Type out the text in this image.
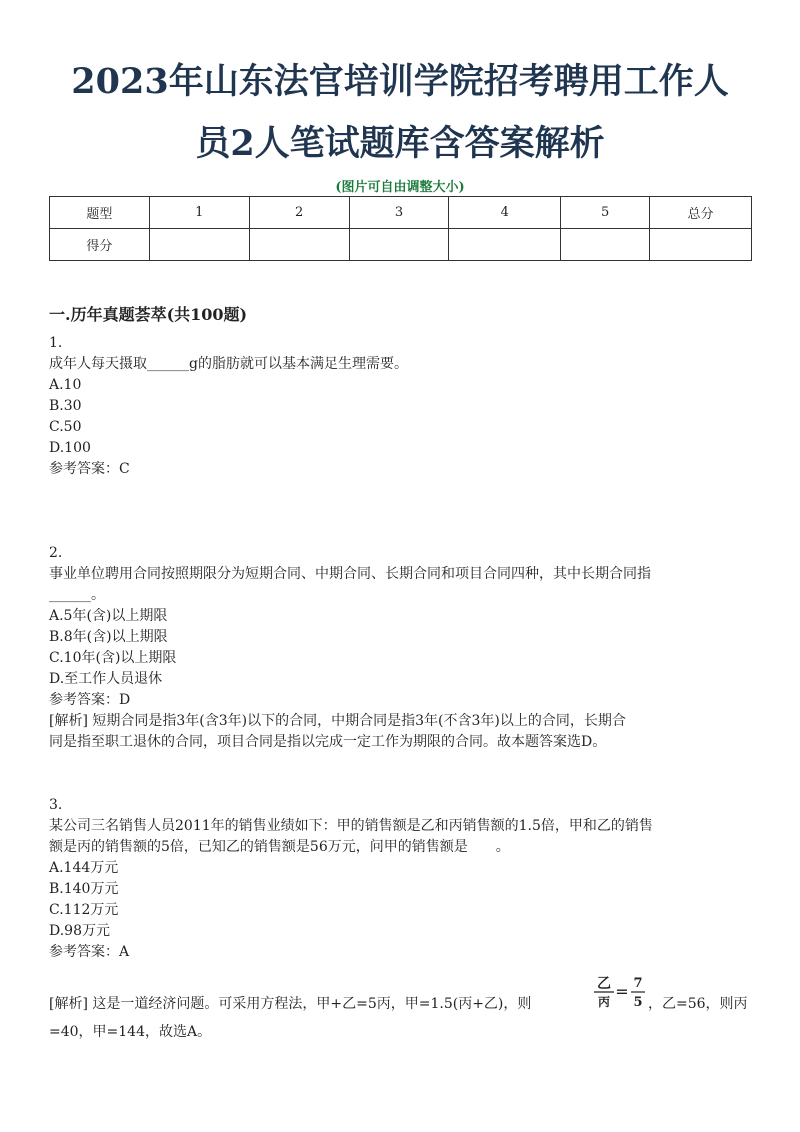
2023年山东法官培训学院招考聘用工作人
员2人笔试题库含答案解析
(图片可自由调整大小)
题型	1	2	3	4	5	总分
得分						
一.历年真题荟萃(共100题)
1.
成年人每天摄取______g的脂肪就可以基本满足生理需要。
A.10
B.30
C.50
D.100
参考答案：C
2.
事业单位聘用合同按照期限分为短期合同、中期合同、长期合同和项目合同四种，其中长期合同指
______。
A.5年(含)以上期限
B.8年(含)以上期限
C.10年(含)以上期限
D.至工作人员退休
参考答案：D
[解析] 短期合同是指3年(含3年)以下的合同，中期合同是指3年(不含3年)以上的合同，长期合
同是指至职工退休的合同，项目合同是指以完成一定工作为期限的合同。故本题答案选D。
3.
某公司三名销售人员2011年的销售业绩如下：甲的销售额是乙和丙销售额的1.5倍，甲和乙的销售
额是丙的销售额的5倍，已知乙的销售额是56万元，问甲的销售额是　　。
A.144万元
B.140万元
C.112万元
D.98万元
参考答案：A
[解析] 这是一道经济问题。可采用方程法，甲+乙=5丙，甲=1.5(丙+乙)，则
乙
丙
= 7
5 ，乙=56，则丙
=40，甲=144，故选A。
